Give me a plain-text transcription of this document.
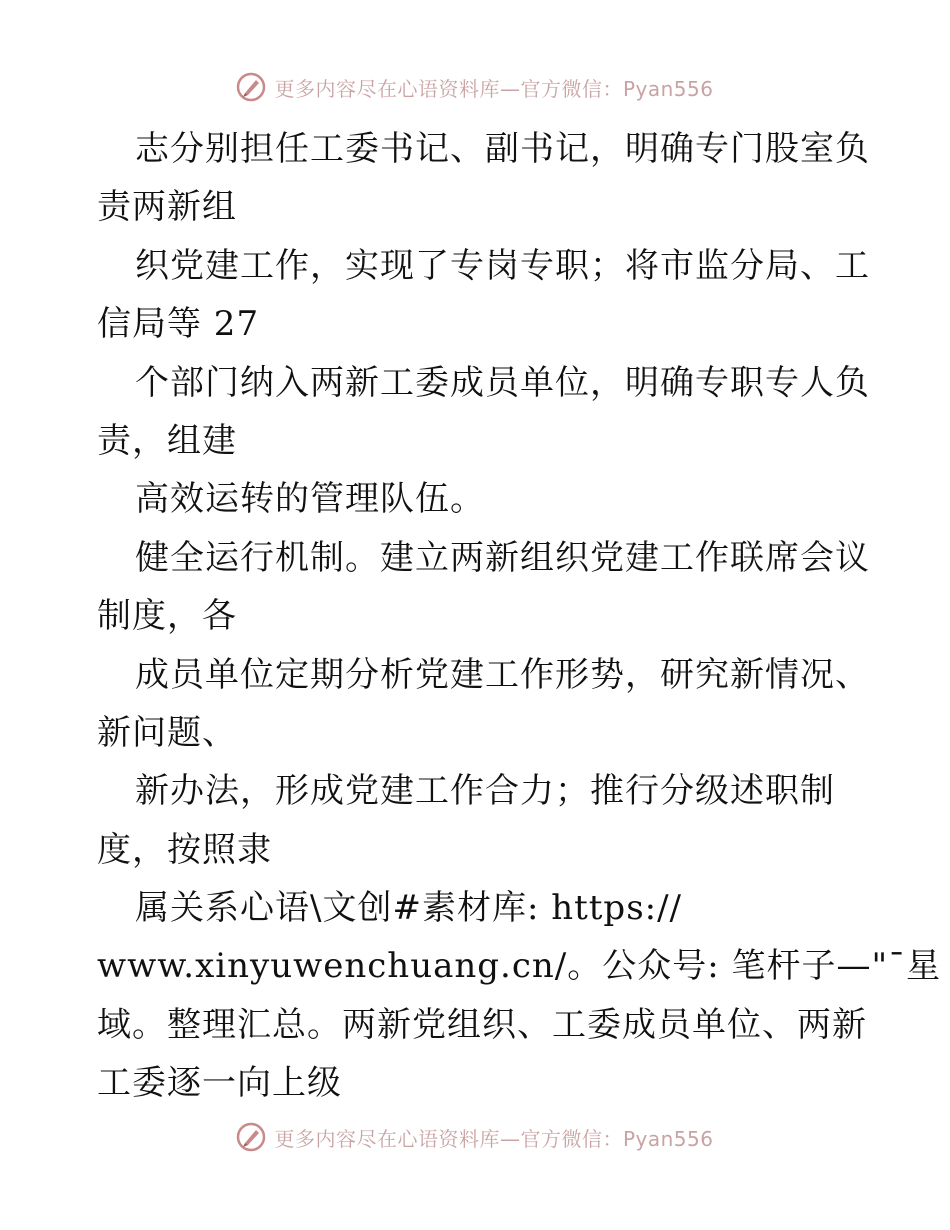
更多内容尽在心语资料库—官方微信：Pyan556
志分别担任工委书记、副书记，明确专门股室负
责两新组
织党建工作，实现了专岗专职；将市监分局、工
信局等 27
个部门纳入两新工委成员单位，明确专职专人负
责，组建
高效运转的管理队伍。
健全运行机制。建立两新组织党建工作联席会议
制度，各
成员单位定期分析党建工作形势，研究新情况、
新问题、
新办法，形成党建工作合力；推行分级述职制
度，按照隶
属关系心语\文创#素材库: https://
www.xinyuwenchuang.cn/。公众号: 笔杆子—"¯星
域。整理汇总。两新党组织、工委成员单位、两新
工委逐一向上级
更多内容尽在心语资料库—官方微信：Pyan556
